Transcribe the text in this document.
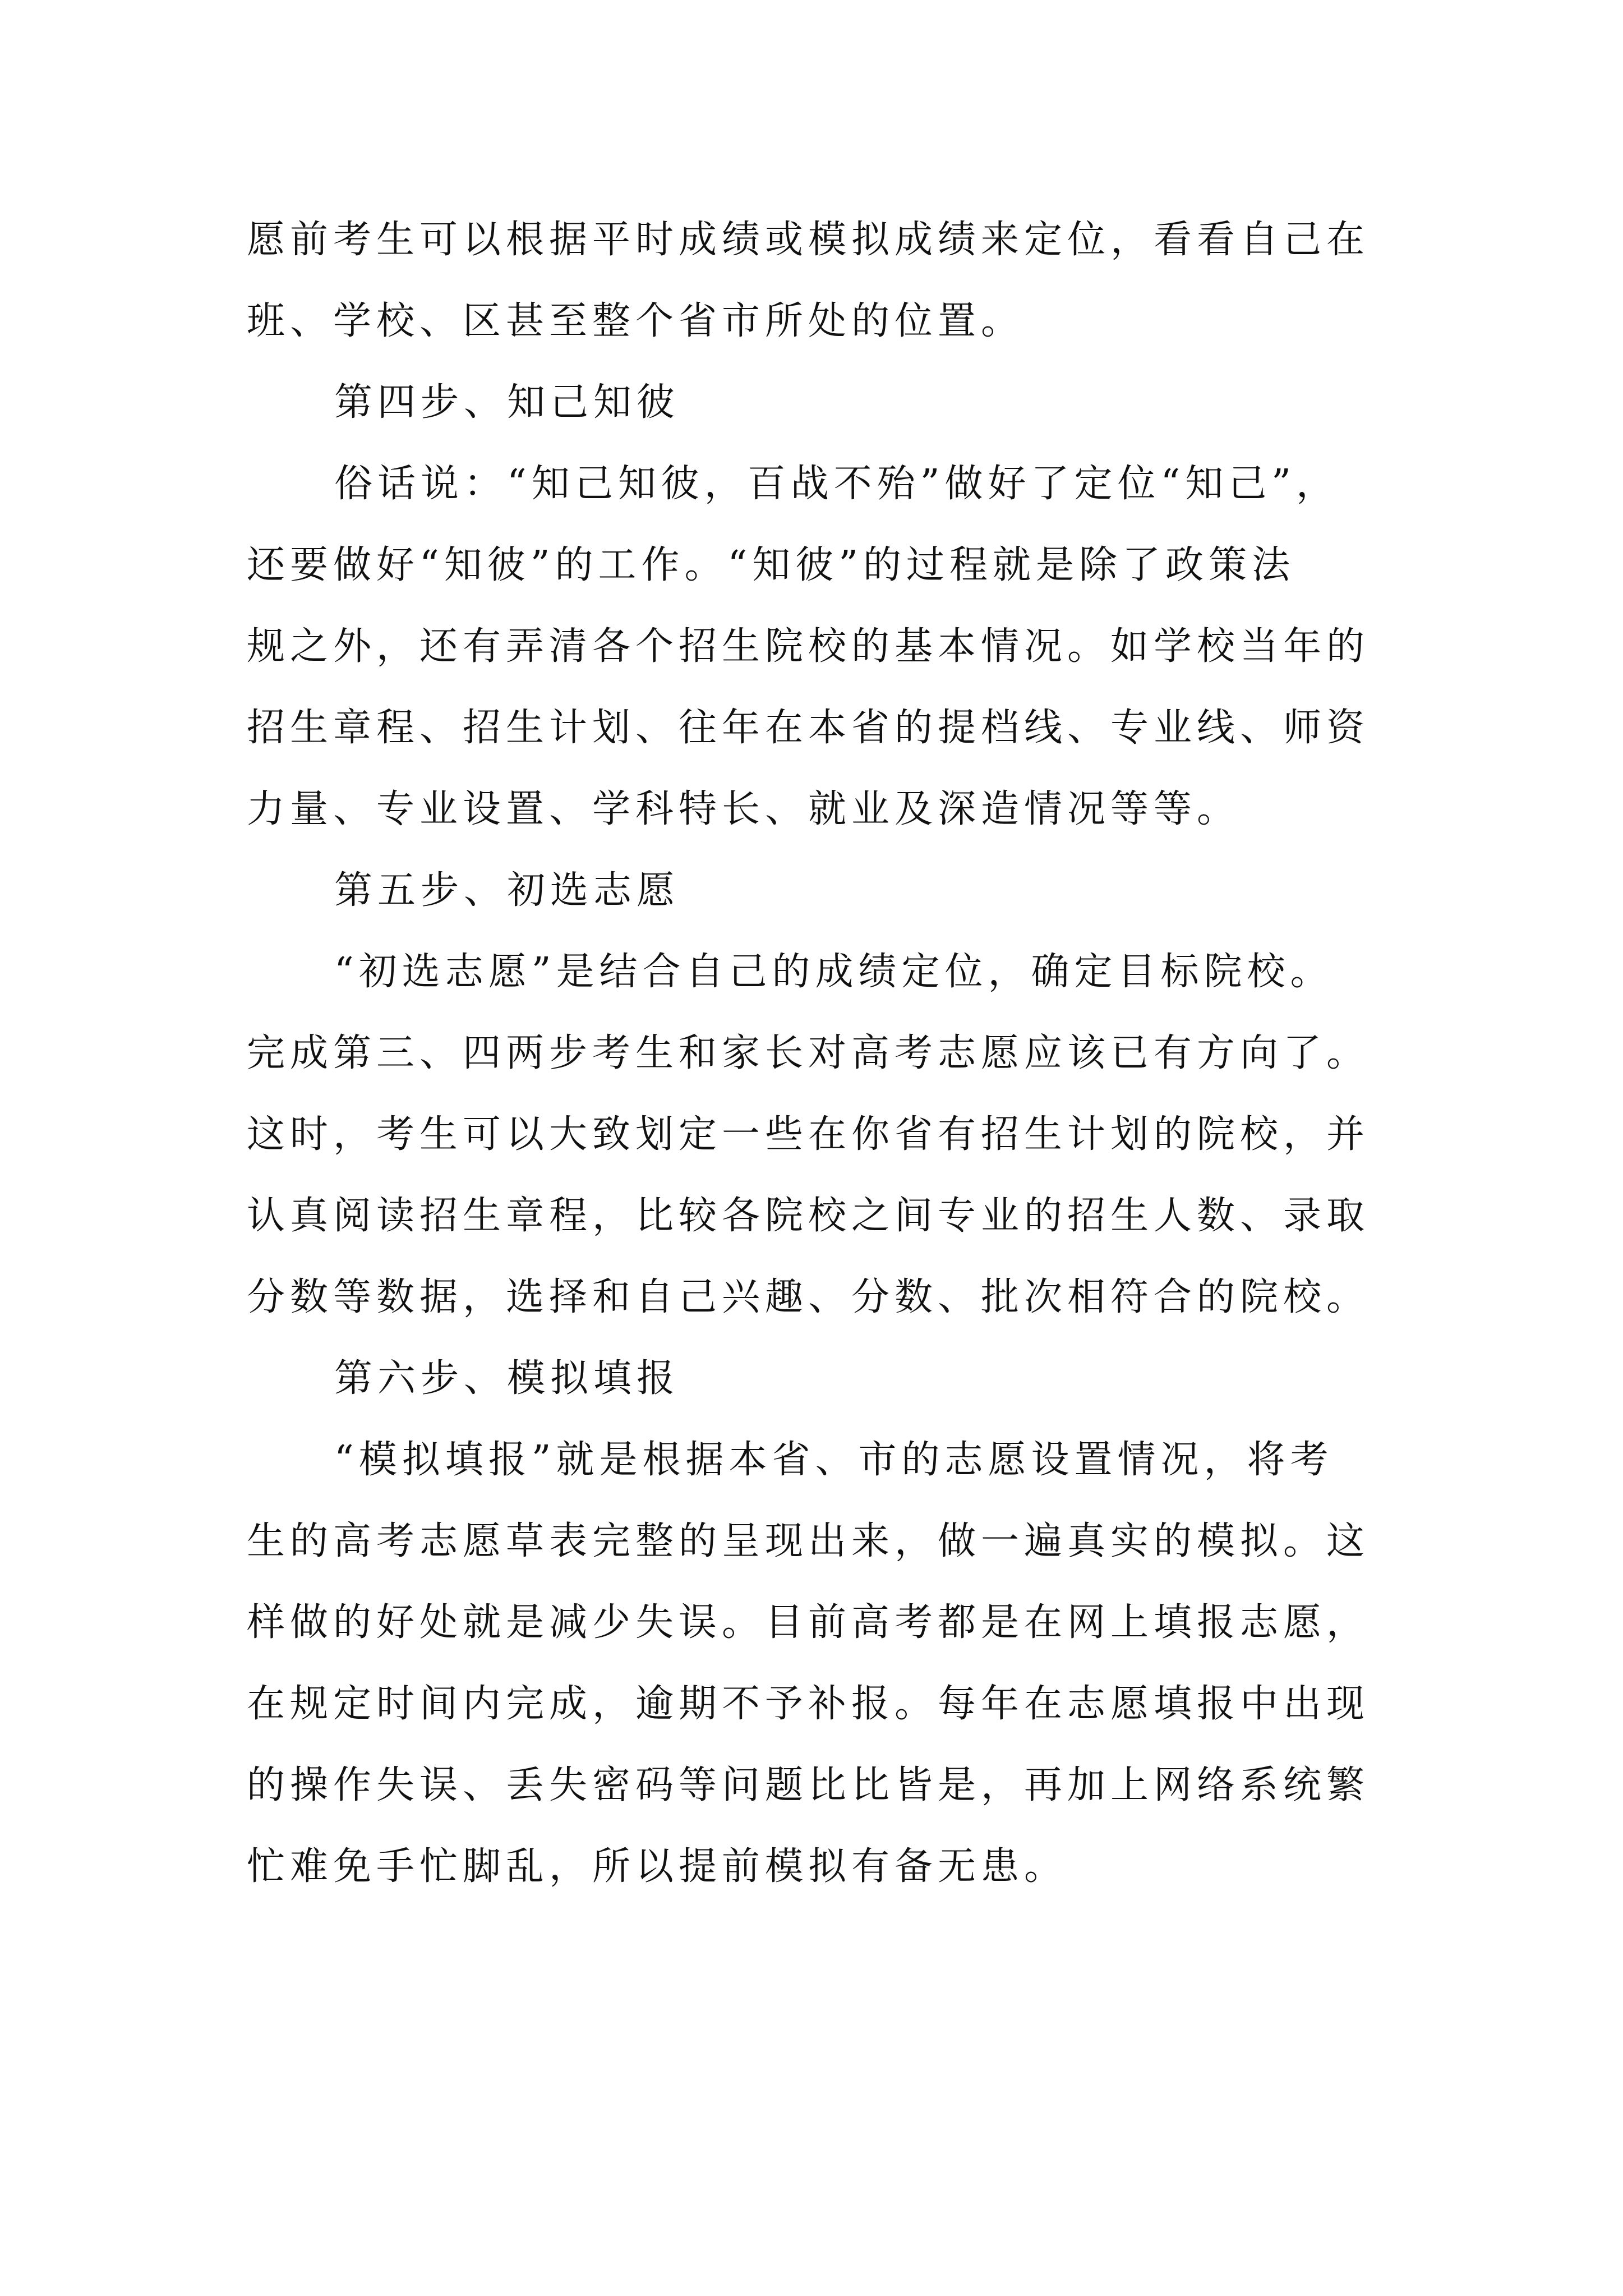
愿前考生可以根据平时成绩或模拟成绩来定位，看看自己在

班、学校、区甚至整个省市所处的位置。

第四步、知己知彼

俗话说：“知己知彼，百战不殆”做好了定位“知己”，

还要做好“知彼”的工作。“知彼”的过程就是除了政策法

规之外，还有弄清各个招生院校的基本情况。如学校当年的

招生章程、招生计划、往年在本省的提档线、专业线、师资

力量、专业设置、学科特长、就业及深造情况等等。

第五步、初选志愿

“初选志愿”是结合自己的成绩定位，确定目标院校。

完成第三、四两步考生和家长对高考志愿应该已有方向了。

这时，考生可以大致划定一些在你省有招生计划的院校，并

认真阅读招生章程，比较各院校之间专业的招生人数、录取

分数等数据，选择和自己兴趣、分数、批次相符合的院校。

第六步、模拟填报

“模拟填报”就是根据本省、市的志愿设置情况，将考

生的高考志愿草表完整的呈现出来，做一遍真实的模拟。这

样做的好处就是减少失误。目前高考都是在网上填报志愿，

在规定时间内完成，逾期不予补报。每年在志愿填报中出现

的操作失误、丢失密码等问题比比皆是，再加上网络系统繁

忙难免手忙脚乱，所以提前模拟有备无患。
